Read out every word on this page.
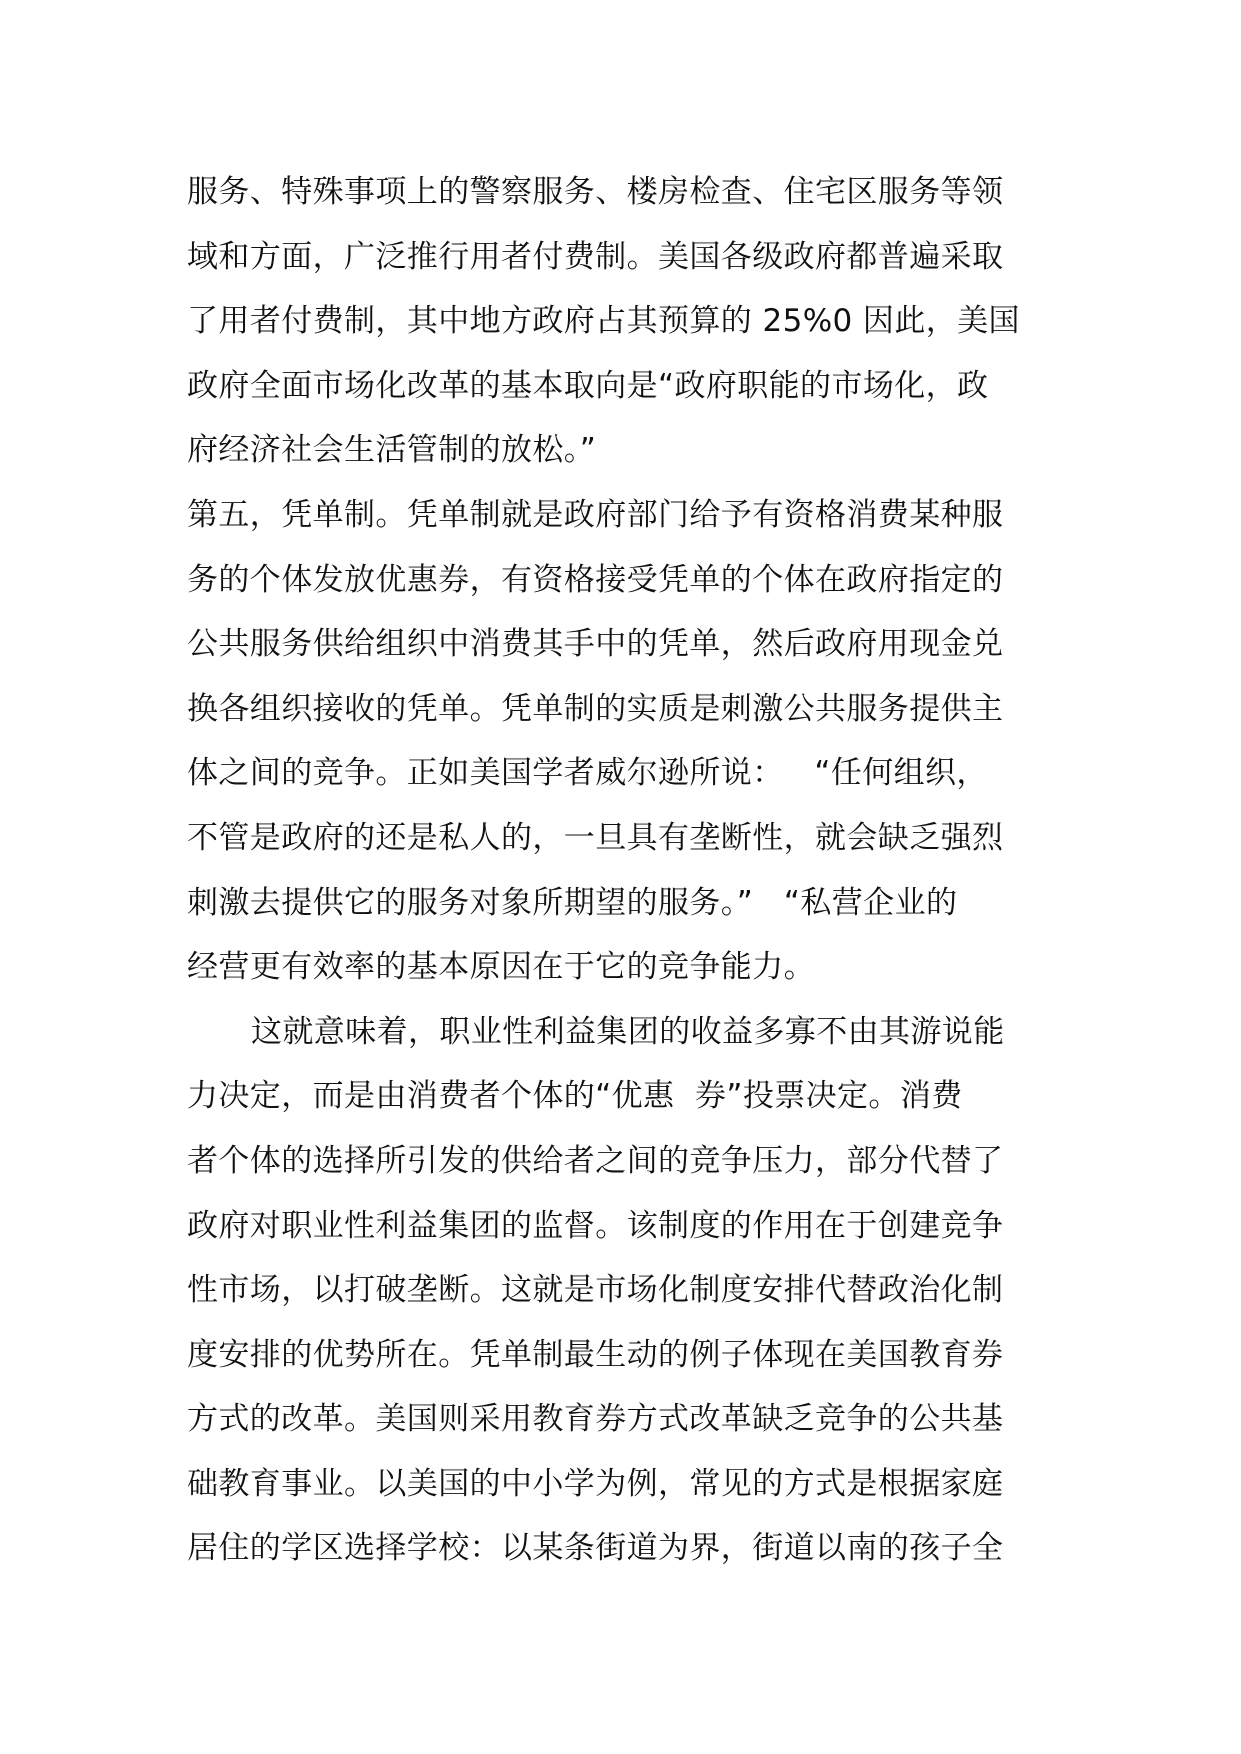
服务、特殊事项上的警察服务、楼房检查、住宅区服务等领
域和方面，广泛推行用者付费制。美国各级政府都普遍采取
了用者付费制，其中地方政府占其预算的 25%0 因此，美国
政府全面市场化改革的基本取向是“政府职能的市场化，政
府经济社会生活管制的放松。”
第五，凭单制。凭单制就是政府部门给予有资格消费某种服
务的个体发放优惠券，有资格接受凭单的个体在政府指定的
公共服务供给组织中消费其手中的凭单，然后政府用现金兑
换各组织接收的凭单。凭单制的实质是刺激公共服务提供主
体之间的竞争。正如美国学者威尔逊所说：   “任何组织，
不管是政府的还是私人的，一旦具有垄断性，就会缺乏强烈
刺激去提供它的服务对象所期望的服务。”   “私营企业的
经营更有效率的基本原因在于它的竞争能力。
这就意味着，职业性利益集团的收益多寡不由其游说能
力决定，而是由消费者个体的“优惠  券”投票决定。消费
者个体的选择所引发的供给者之间的竞争压力，部分代替了
政府对职业性利益集团的监督。该制度的作用在于创建竞争
性市场，以打破垄断。这就是市场化制度安排代替政治化制
度安排的优势所在。凭单制最生动的例子体现在美国教育券
方式的改革。美国则采用教育券方式改革缺乏竞争的公共基
础教育事业。以美国的中小学为例，常见的方式是根据家庭
居住的学区选择学校：以某条街道为界，街道以南的孩子全
